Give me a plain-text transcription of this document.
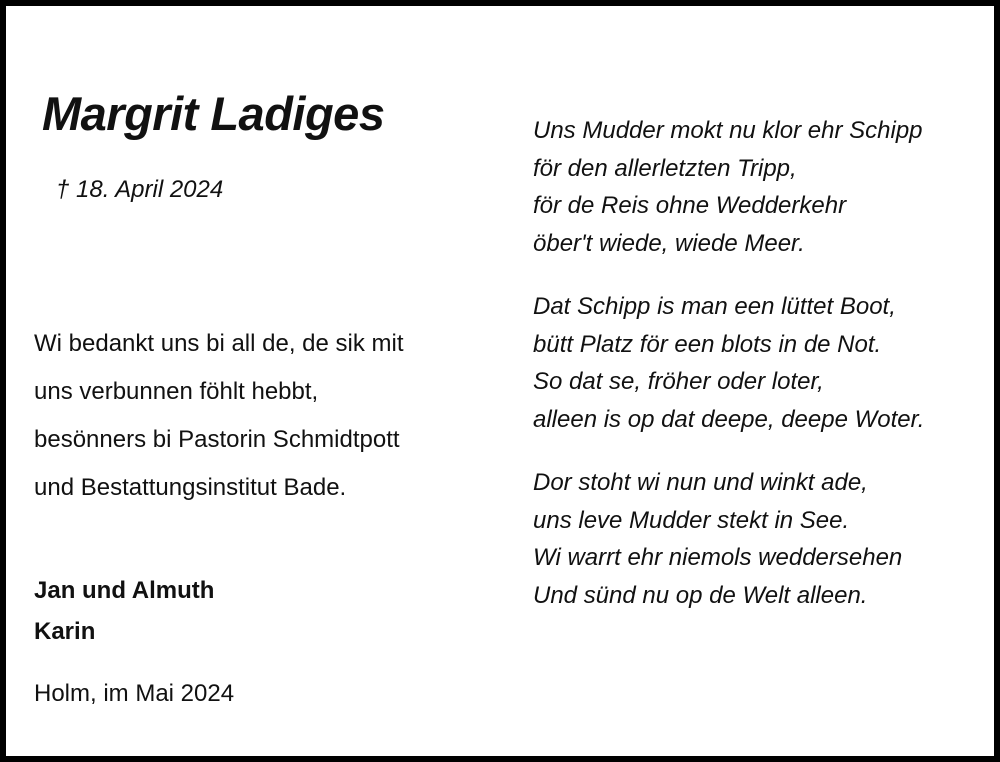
Margrit Ladiges
† 18. April 2024
Wi bedankt uns bi all de, de sik mit
uns verbunnen föhlt hebbt,
besönners bi Pastorin Schmidtpott
und Bestattungsinstitut Bade.
Jan und Almuth
Karin
Holm, im Mai 2024
Uns Mudder mokt nu klor ehr Schipp
för den allerletzten Tripp,
för de Reis ohne Wedderkehr
öber't wiede, wiede Meer.
Dat Schipp is man een lüttet Boot,
bütt Platz för een blots in de Not.
So dat se, fröher oder loter,
alleen is op dat deepe, deepe Woter.
Dor stoht wi nun und winkt ade,
uns leve Mudder stekt in See.
Wi warrt ehr niemols weddersehen
Und sünd nu op de Welt alleen.
